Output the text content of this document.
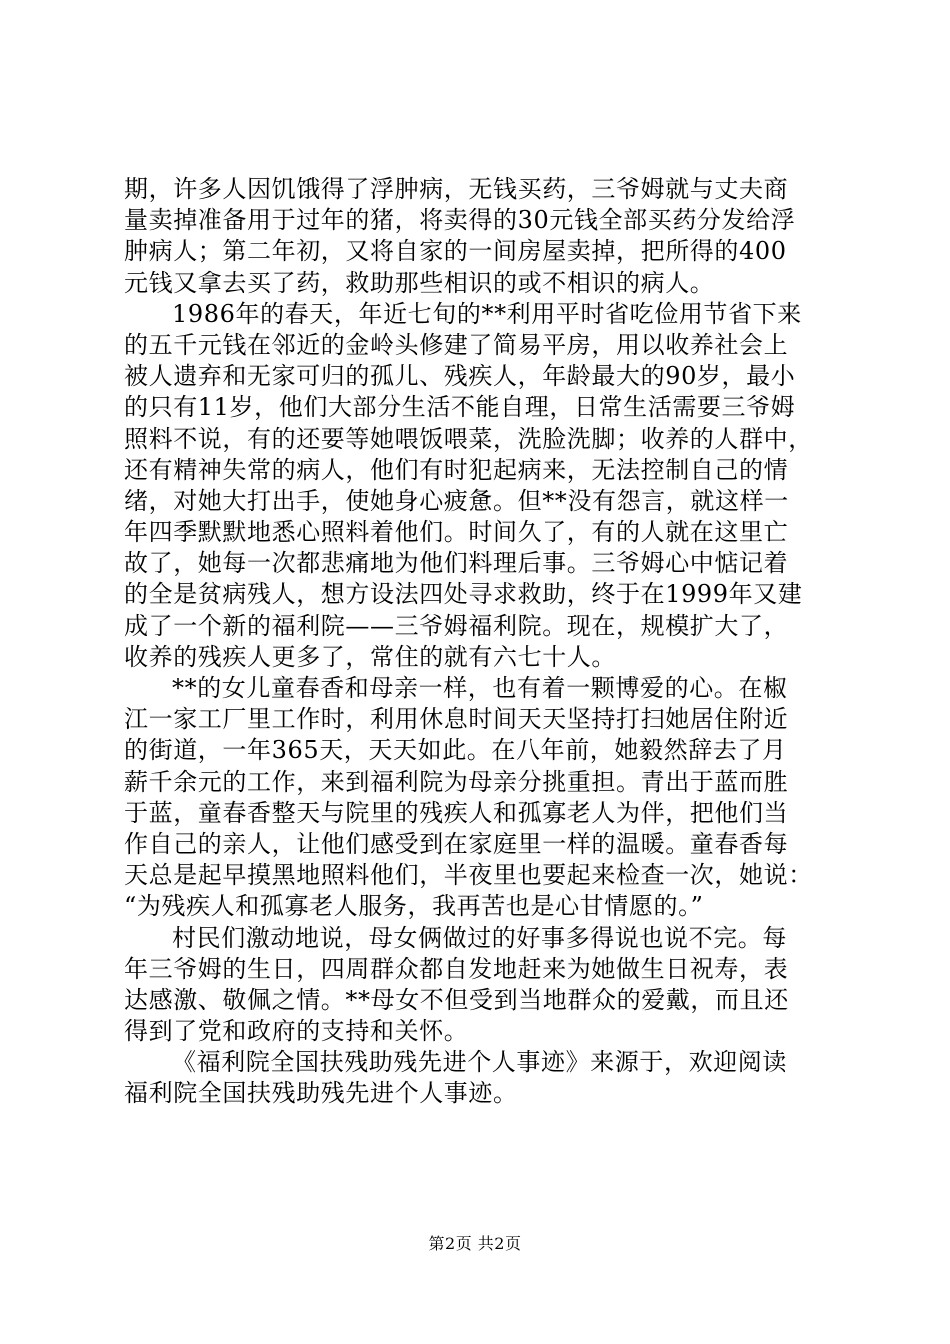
期，许多人因饥饿得了浮肿病，无钱买药，三爷姆就与丈夫商
量卖掉准备用于过年的猪，将卖得的30元钱全部买药分发给浮
肿病人；第二年初，又将自家的一间房屋卖掉，把所得的400
元钱又拿去买了药，救助那些相识的或不相识的病人。
1986年的春天，年近七旬的**利用平时省吃俭用节省下来
的五千元钱在邻近的金岭头修建了简易平房，用以收养社会上
被人遗弃和无家可归的孤儿、残疾人，年龄最大的90岁，最小
的只有11岁，他们大部分生活不能自理，日常生活需要三爷姆
照料不说，有的还要等她喂饭喂菜，洗脸洗脚；收养的人群中，
还有精神失常的病人，他们有时犯起病来，无法控制自己的情
绪，对她大打出手，使她身心疲惫。但**没有怨言，就这样一
年四季默默地悉心照料着他们。时间久了，有的人就在这里亡
故了，她每一次都悲痛地为他们料理后事。三爷姆心中惦记着
的全是贫病残人，想方设法四处寻求救助，终于在1999年又建
成了一个新的福利院——三爷姆福利院。现在，规模扩大了，
收养的残疾人更多了，常住的就有六七十人。
**的女儿童春香和母亲一样，也有着一颗博爱的心。在椒
江一家工厂里工作时，利用休息时间天天坚持打扫她居住附近
的街道，一年365天，天天如此。在八年前，她毅然辞去了月
薪千余元的工作，来到福利院为母亲分挑重担。青出于蓝而胜
于蓝，童春香整天与院里的残疾人和孤寡老人为伴，把他们当
作自己的亲人，让他们感受到在家庭里一样的温暖。童春香每
天总是起早摸黑地照料他们，半夜里也要起来检查一次，她说：
“为残疾人和孤寡老人服务，我再苦也是心甘情愿的。”
村民们激动地说，母女俩做过的好事多得说也说不完。每
年三爷姆的生日，四周群众都自发地赶来为她做生日祝寿，表
达感激、敬佩之情。**母女不但受到当地群众的爱戴，而且还
得到了党和政府的支持和关怀。
《福利院全国扶残助残先进个人事迹》来源于，欢迎阅读
福利院全国扶残助残先进个人事迹。
第2页 共2页
